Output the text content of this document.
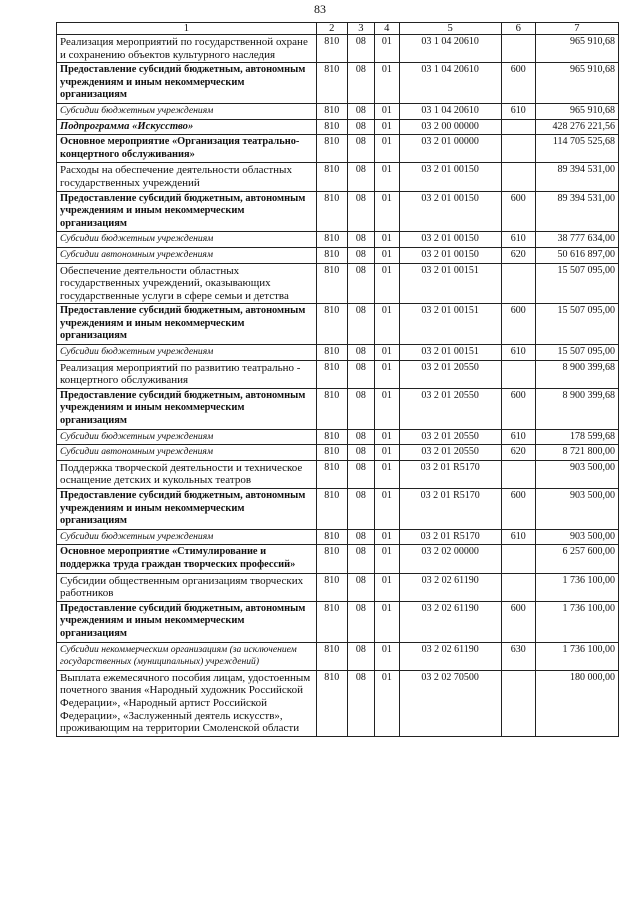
83
1	2	3	4	5	6	7
Реализация мероприятий по государственной охране и сохранению объектов культурного наследия	810	08	01	03 1 04 20610		965 910,68
Предоставление субсидий бюджетным, автономным учреждениям и иным некоммерческим организациям	810	08	01	03 1 04 20610	600	965 910,68
Субсидии бюджетным учреждениям	810	08	01	03 1 04 20610	610	965 910,68
Подпрограмма «Искусство»	810	08	01	03 2 00 00000		428 276 221,56
Основное мероприятие «Организация театрально-концертного обслуживания»	810	08	01	03 2 01 00000		114 705 525,68
Расходы на обеспечение деятельности областных государственных учреждений	810	08	01	03 2 01 00150		89 394 531,00
Предоставление субсидий бюджетным, автономным учреждениям и иным некоммерческим организациям	810	08	01	03 2 01 00150	600	89 394 531,00
Субсидии бюджетным учреждениям	810	08	01	03 2 01 00150	610	38 777 634,00
Субсидии автономным учреждениям	810	08	01	03 2 01 00150	620	50 616 897,00
Обеспечение деятельности областных государственных учреждений, оказывающих государственные услуги в сфере семьи и детства	810	08	01	03 2 01 00151		15 507 095,00
Предоставление субсидий бюджетным, автономным учреждениям и иным некоммерческим организациям	810	08	01	03 2 01 00151	600	15 507 095,00
Субсидии бюджетным учреждениям	810	08	01	03 2 01 00151	610	15 507 095,00
Реализация мероприятий по развитию театрально - концертного обслуживания	810	08	01	03 2 01 20550		8 900 399,68
Предоставление субсидий бюджетным, автономным учреждениям и иным некоммерческим организациям	810	08	01	03 2 01 20550	600	8 900 399,68
Субсидии бюджетным учреждениям	810	08	01	03 2 01 20550	610	178 599,68
Субсидии автономным учреждениям	810	08	01	03 2 01 20550	620	8 721 800,00
Поддержка творческой деятельности и техническое оснащение детских и кукольных театров	810	08	01	03 2 01 R5170		903 500,00
Предоставление субсидий бюджетным, автономным учреждениям и иным некоммерческим организациям	810	08	01	03 2 01 R5170	600	903 500,00
Субсидии бюджетным учреждениям	810	08	01	03 2 01 R5170	610	903 500,00
Основное мероприятие «Стимулирование и поддержка труда граждан творческих профессий»	810	08	01	03 2 02 00000		6 257 600,00
Субсидии общественным организациям творческих работников	810	08	01	03 2 02 61190		1 736 100,00
Предоставление субсидий бюджетным, автономным учреждениям и иным некоммерческим организациям	810	08	01	03 2 02 61190	600	1 736 100,00
Субсидии некоммерческим организациям (за исключением государственных (муниципальных) учреждений)	810	08	01	03 2 02 61190	630	1 736 100,00
Выплата ежемесячного пособия лицам, удостоенным почетного звания «Народный художник Российской Федерации», «Народный артист Российской Федерации», «Заслуженный деятель искусств», проживающим на территории Смоленской области	810	08	01	03 2 02 70500		180 000,00
